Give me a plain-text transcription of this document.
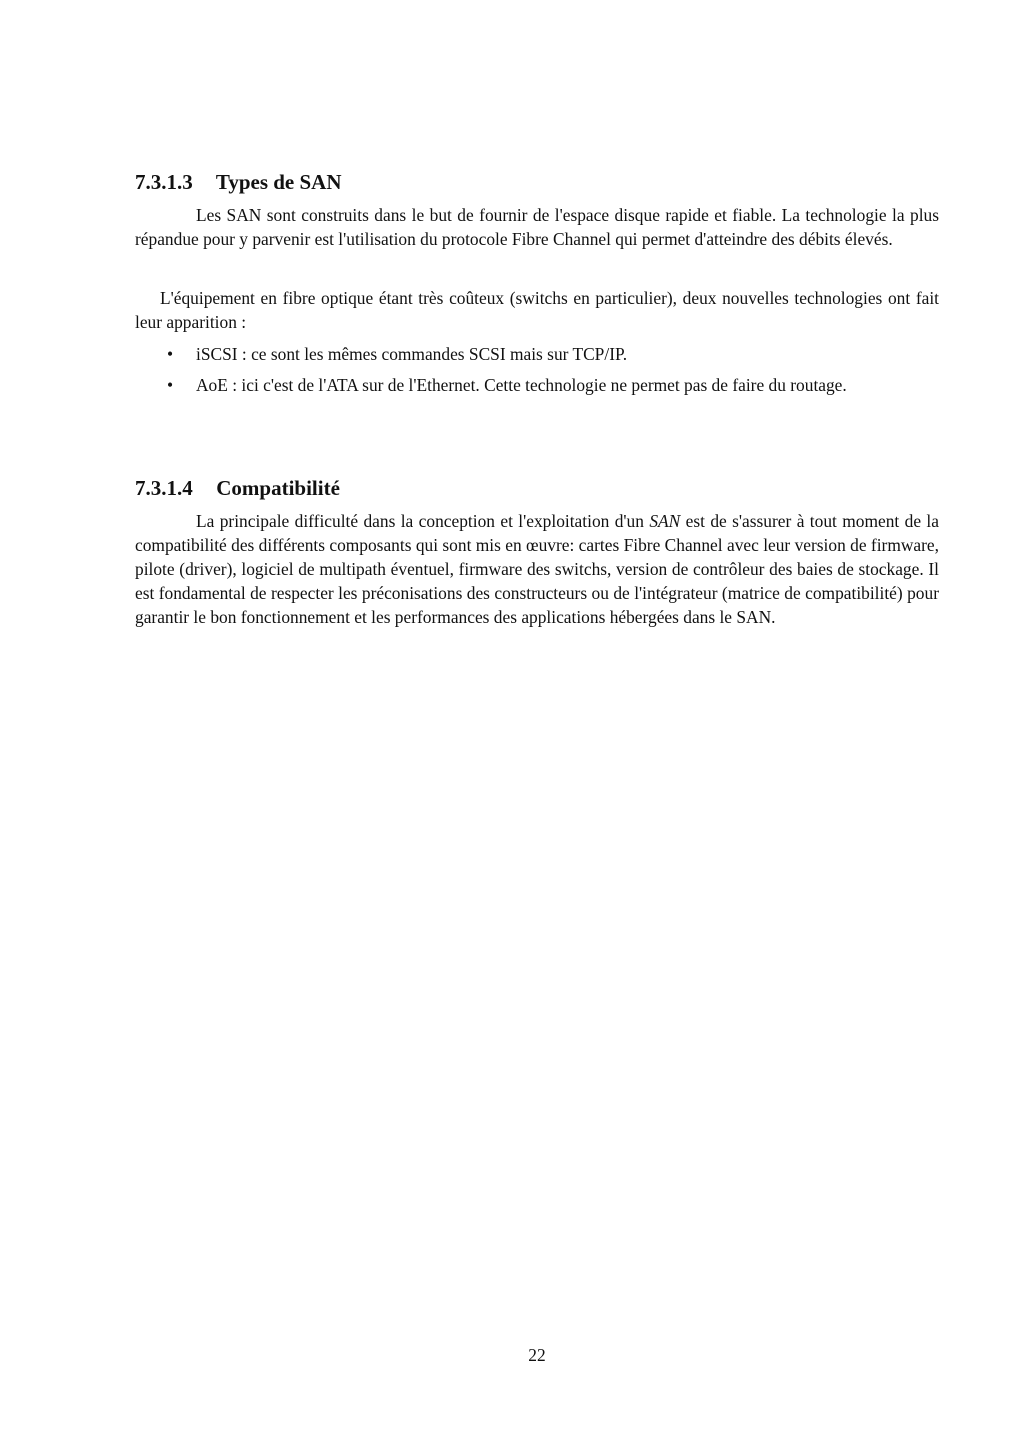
7.3.1.3 Types de SAN

Les SAN sont construits dans le but de fournir de l'espace disque rapide et fiable. La technologie la plus répandue pour y parvenir est l'utilisation du protocole Fibre Channel qui permet d'atteindre des débits élevés.

L'équipement en fibre optique étant très coûteux (switchs en particulier), deux nouvelles technologies ont fait leur apparition :

• iSCSI : ce sont les mêmes commandes SCSI mais sur TCP/IP.
• AoE : ici c'est de l'ATA sur de l'Ethernet. Cette technologie ne permet pas de faire du routage.
7.3.1.4 Compatibilité

La principale difficulté dans la conception et l'exploitation d'un SAN est de s'assurer à tout moment de la compatibilité des différents composants qui sont mis en œuvre: cartes Fibre Channel avec leur version de firmware, pilote (driver), logiciel de multipath éventuel, firmware des switchs, version de contrôleur des baies de stockage. Il est fondamental de respecter les préconisations des constructeurs ou de l'intégrateur (matrice de compatibilité) pour garantir le bon fonctionnement et les performances des applications hébergées dans le SAN.

22
